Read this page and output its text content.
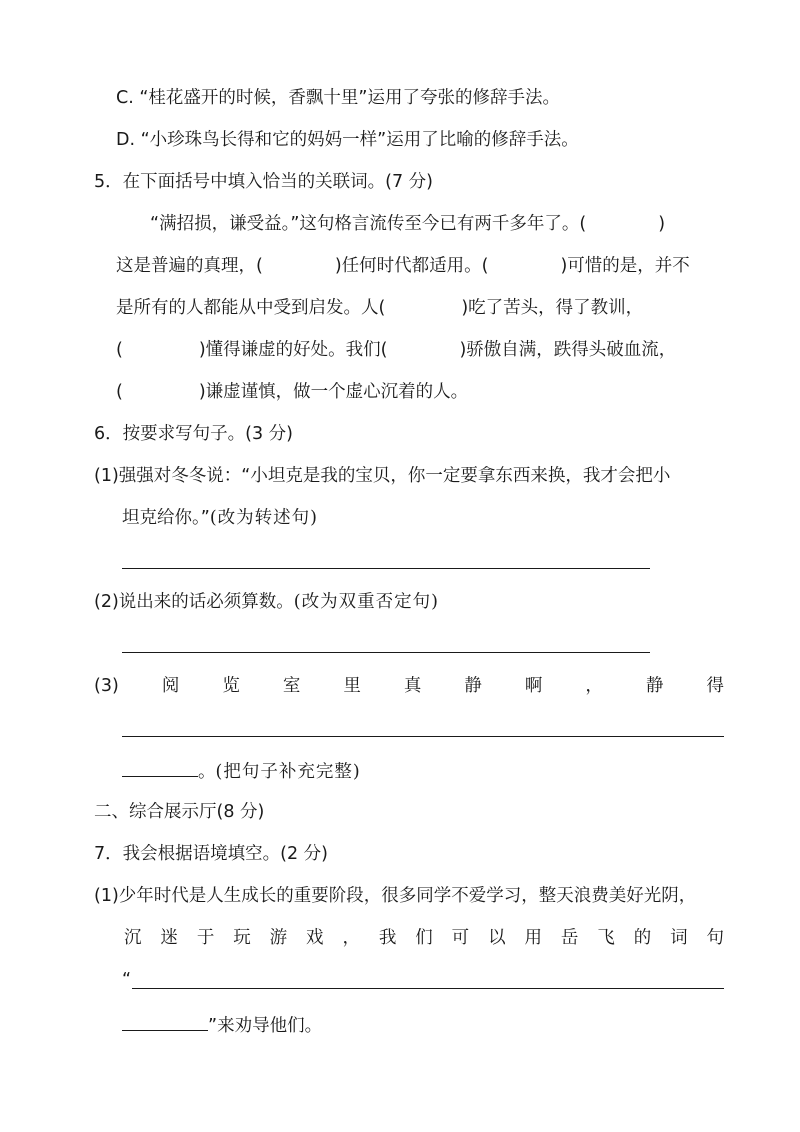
C. “桂花盛开的时候，香飘十里”运用了夸张的修辞手法。
D. “小珍珠鸟长得和它的妈妈一样”运用了比喻的修辞手法。
5．在下面括号中填入恰当的关联词。(7 分)
“满招损，谦受益。”这句格言流传至今已有两千多年了。(	)
这是普遍的真理，(	)任何时代都适用。(	)可惜的是，并不
是所有的人都能从中受到启发。人(	)吃了苦头，得了教训，
(	)懂得谦虚的好处。我们(	)骄傲自满，跌得头破血流，
(	)谦虚谨慎，做一个虚心沉着的人。
6．按要求写句子。(3 分)
(1)强强对冬冬说：“小坦克是我的宝贝，你一定要拿东西来换，我才会把小
坦克给你。”(改为转述句)
(2)说出来的话必须算数。(改为双重否定句)
(3) 阅 览 室 里 真 静 啊 ， 静 得
。(把句子补充完整)
二、综合展示厅(8 分)
7．我会根据语境填空。(2 分)
(1)少年时代是人生成长的重要阶段，很多同学不爱学习，整天浪费美好光阴，
沉 迷 于 玩 游 戏 ， 我 们 可 以 用 岳 飞 的 词 句
“
”来劝导他们。
